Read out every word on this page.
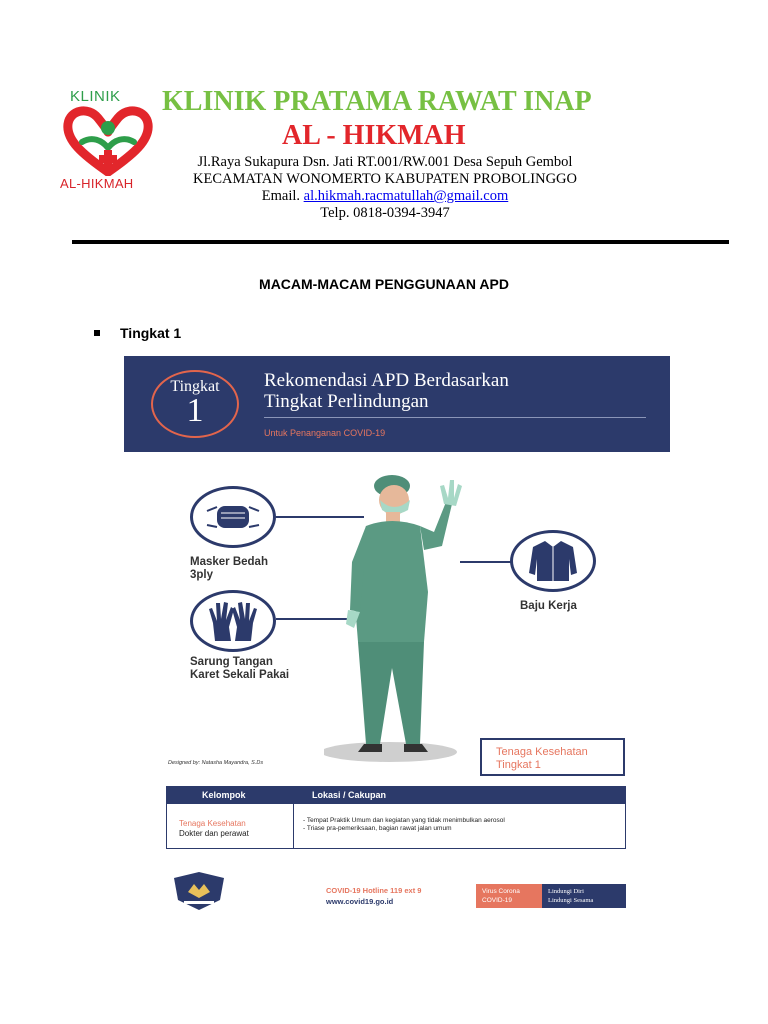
KLINIK
AL-HIKMAH
KLINIK PRATAMA RAWAT INAP
AL - HIKMAH
Jl.Raya Sukapura Dsn. Jati RT.001/RW.001 Desa Sepuh Gembol
KECAMATAN WONOMERTO KABUPATEN PROBOLINGGO
Email. al.hikmah.racmatullah@gmail.com
Telp. 0818-0394-3947
MACAM-MACAM PENGGUNAAN APD
Tingkat 1
Tingkat
1
Rekomendasi APD Berdasarkan
Tingkat Perlindungan
Untuk Penanganan COVID-19
Masker Bedah
3ply
Sarung Tangan
Karet Sekali Pakai
Baju Kerja
Designed by: Natasha Mayandra, S.Ds
Tenaga Kesehatan
Tingkat 1
Kelompok	Lokasi / Cakupan
Tenaga Kesehatan
Dokter dan perawat
- Tempat Praktik Umum dan kegiatan yang tidak menimbulkan aerosol
- Triase pra-pemeriksaan, bagian rawat jalan umum
COVID-19 Hotline 119 ext 9
www.covid19.go.id
Virus Corona
COVID-19
Lindungi Diri
Lindungi Sesama
